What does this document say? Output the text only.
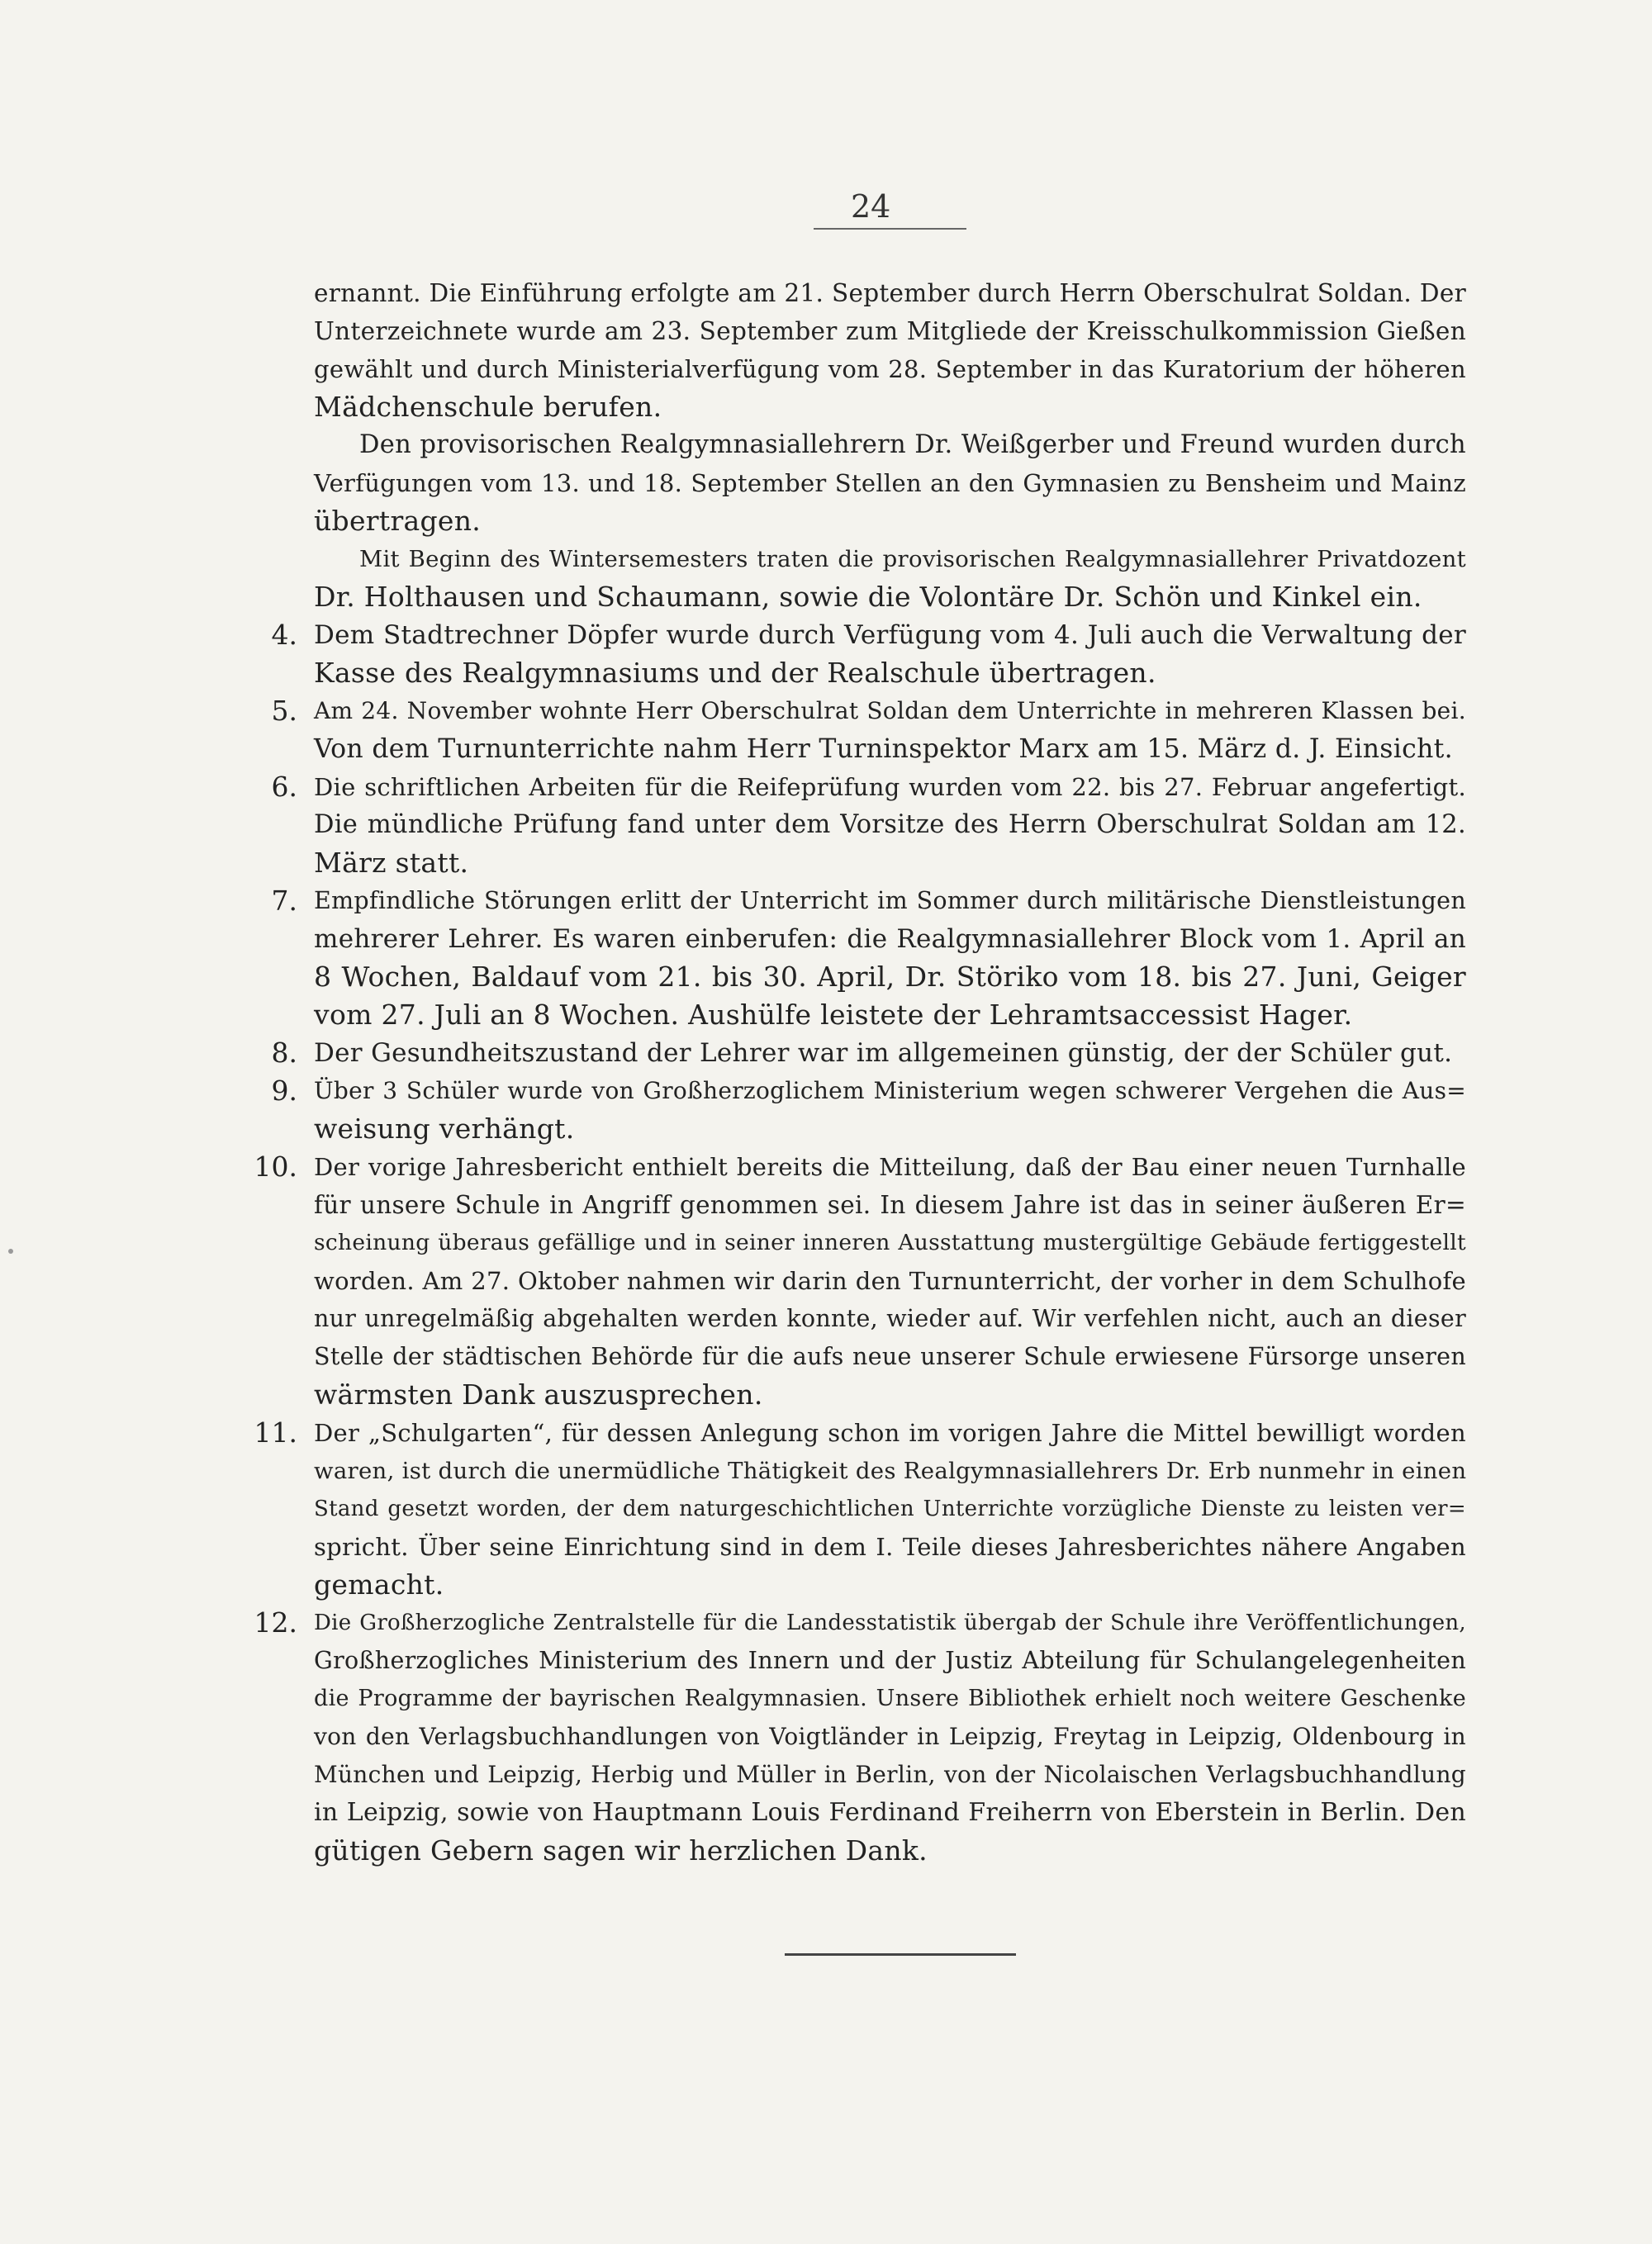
24
ernannt. Die Einführung erfolgte am 21. September durch Herrn Oberschulrat Soldan. Der
Unterzeichnete wurde am 23. September zum Mitgliede der Kreisschulkommission Gießen
gewählt und durch Ministerialverfügung vom 28. September in das Kuratorium der höheren
Mädchenschule berufen.
Den provisorischen Realgymnasiallehrern Dr. Weißgerber und Freund wurden durch
Verfügungen vom 13. und 18. September Stellen an den Gymnasien zu Bensheim und Mainz
übertragen.
Mit Beginn des Wintersemesters traten die provisorischen Realgymnasiallehrer Privatdozent
Dr. Holthausen und Schaumann, sowie die Volontäre Dr. Schön und Kinkel ein.
4. Dem Stadtrechner Döpfer wurde durch Verfügung vom 4. Juli auch die Verwaltung der
Kasse des Realgymnasiums und der Realschule übertragen.
5. Am 24. November wohnte Herr Oberschulrat Soldan dem Unterrichte in mehreren Klassen bei.
Von dem Turnunterrichte nahm Herr Turninspektor Marx am 15. März d. J. Einsicht.
6. Die schriftlichen Arbeiten für die Reifeprüfung wurden vom 22. bis 27. Februar angefertigt.
Die mündliche Prüfung fand unter dem Vorsitze des Herrn Oberschulrat Soldan am 12.
März statt.
7. Empfindliche Störungen erlitt der Unterricht im Sommer durch militärische Dienstleistungen
mehrerer Lehrer. Es waren einberufen: die Realgymnasiallehrer Block vom 1. April an
8 Wochen, Baldauf vom 21. bis 30. April, Dr. Störiko vom 18. bis 27. Juni, Geiger
vom 27. Juli an 8 Wochen. Aushülfe leistete der Lehramtsaccessist Hager.
8. Der Gesundheitszustand der Lehrer war im allgemeinen günstig, der der Schüler gut.
9. Über 3 Schüler wurde von Großherzoglichem Ministerium wegen schwerer Vergehen die Aus=
weisung verhängt.
10. Der vorige Jahresbericht enthielt bereits die Mitteilung, daß der Bau einer neuen Turnhalle
für unsere Schule in Angriff genommen sei. In diesem Jahre ist das in seiner äußeren Er=
scheinung überaus gefällige und in seiner inneren Ausstattung mustergültige Gebäude fertiggestellt
worden. Am 27. Oktober nahmen wir darin den Turnunterricht, der vorher in dem Schulhofe
nur unregelmäßig abgehalten werden konnte, wieder auf. Wir verfehlen nicht, auch an dieser
Stelle der städtischen Behörde für die aufs neue unserer Schule erwiesene Fürsorge unseren
wärmsten Dank auszusprechen.
11. Der „Schulgarten“, für dessen Anlegung schon im vorigen Jahre die Mittel bewilligt worden
waren, ist durch die unermüdliche Thätigkeit des Realgymnasiallehrers Dr. Erb nunmehr in einen
Stand gesetzt worden, der dem naturgeschichtlichen Unterrichte vorzügliche Dienste zu leisten ver=
spricht. Über seine Einrichtung sind in dem I. Teile dieses Jahresberichtes nähere Angaben
gemacht.
12. Die Großherzogliche Zentralstelle für die Landesstatistik übergab der Schule ihre Veröffentlichungen,
Großherzogliches Ministerium des Innern und der Justiz Abteilung für Schulangelegenheiten
die Programme der bayrischen Realgymnasien. Unsere Bibliothek erhielt noch weitere Geschenke
von den Verlagsbuchhandlungen von Voigtländer in Leipzig, Freytag in Leipzig, Oldenbourg in
München und Leipzig, Herbig und Müller in Berlin, von der Nicolaischen Verlagsbuchhandlung
in Leipzig, sowie von Hauptmann Louis Ferdinand Freiherrn von Eberstein in Berlin. Den
gütigen Gebern sagen wir herzlichen Dank.
